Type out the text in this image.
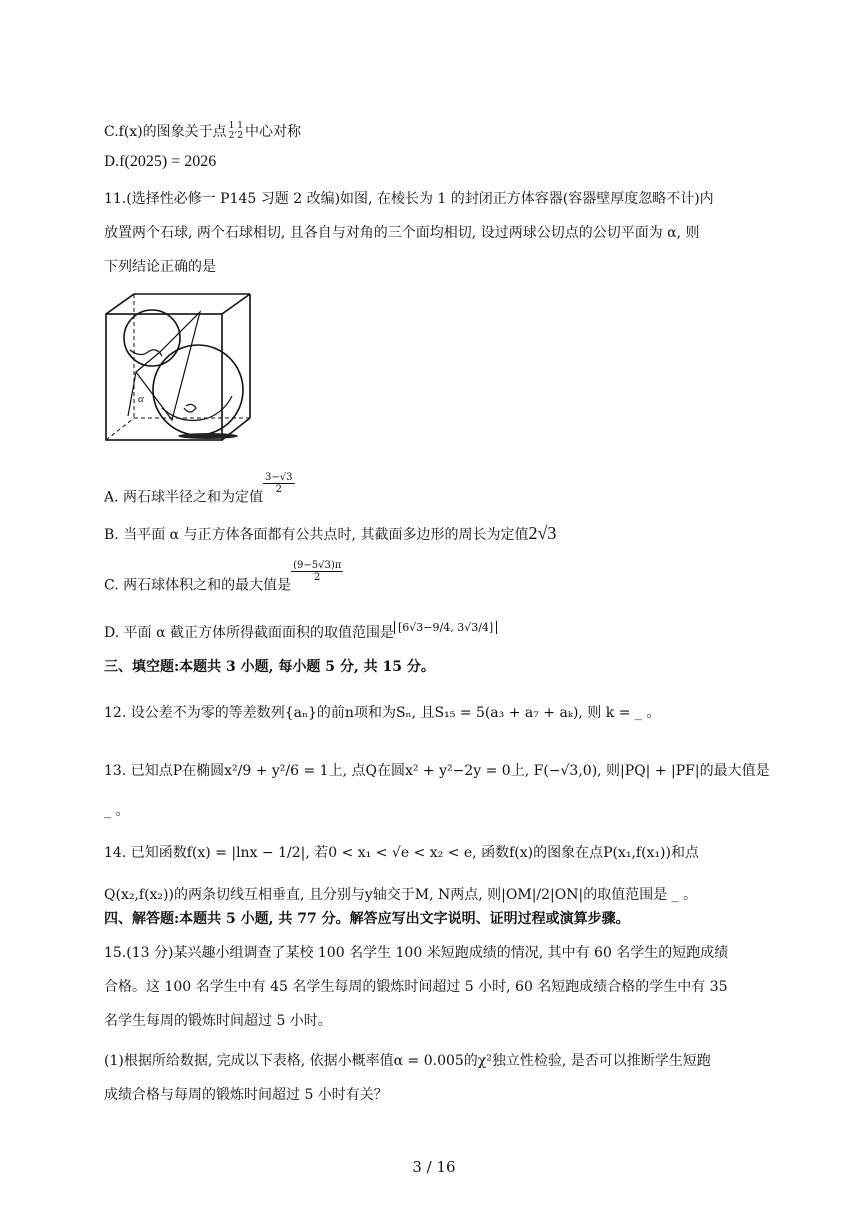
C.f(x)的图象关于点 1 1
2’2 中心对称
D.f(2025) = 2026
11.(选择性必修一 P145 习题 2 改编)如图, 在棱长为 1 的封闭正方体容器(容器壁厚度忽略不计)内
放置两个石球, 两个石球相切, 且各自与对角的三个面均相切, 设过两球公切点的公切平面为 α, 则
下列结论正确的是
α
A. 两石球半径之和为定值
$\frac{3-√3}{2}$
B. 当平面 α 与正方体各面都有公共点时, 其截面多边形的周长为定值2√3
C. 两石球体积之和的最大值是
$\frac{(9-5√3)\pi}{2}$
D. 平面 α 截正方体所得截面面积的取值范围是 [6√3−9/4, 3√3/4]
三、填空题:本题共 3 小题, 每小题 5 分, 共 15 分。
12. 设公差不为零的等差数列{aₙ}的前n项和为Sₙ, 且S₁₅ = 5(a₃ + a₇ + aₖ), 则 k = _ 。
13. 已知点P在椭圆x²/9 + y²/6 = 1上, 点Q在圆x² + y²−2y = 0上, F(−√3,0), 则|PQ| + |PF|的最大值是
_ 。
14. 已知函数f(x) = |lnx − 1/2|, 若0 < x₁ < √e < x₂ < e, 函数f(x)的图象在点P(x₁,f(x₁))和点
Q(x₂,f(x₂))的两条切线互相垂直, 且分别与y轴交于M, N两点, 则|OM|/2|ON|的取值范围是 _ 。
四、解答题:本题共 5 小题, 共 77 分。解答应写出文字说明、证明过程或演算步骤。
15.(13 分)某兴趣小组调查了某校 100 名学生 100 米短跑成绩的情况, 其中有 60 名学生的短跑成绩
合格。这 100 名学生中有 45 名学生每周的锻炼时间超过 5 小时, 60 名短跑成绩合格的学生中有 35
名学生每周的锻炼时间超过 5 小时。
(1)根据所给数据, 完成以下表格, 依据小概率值α = 0.005的χ²独立性检验, 是否可以推断学生短跑
成绩合格与每周的锻炼时间超过 5 小时有关？
3 / 16
